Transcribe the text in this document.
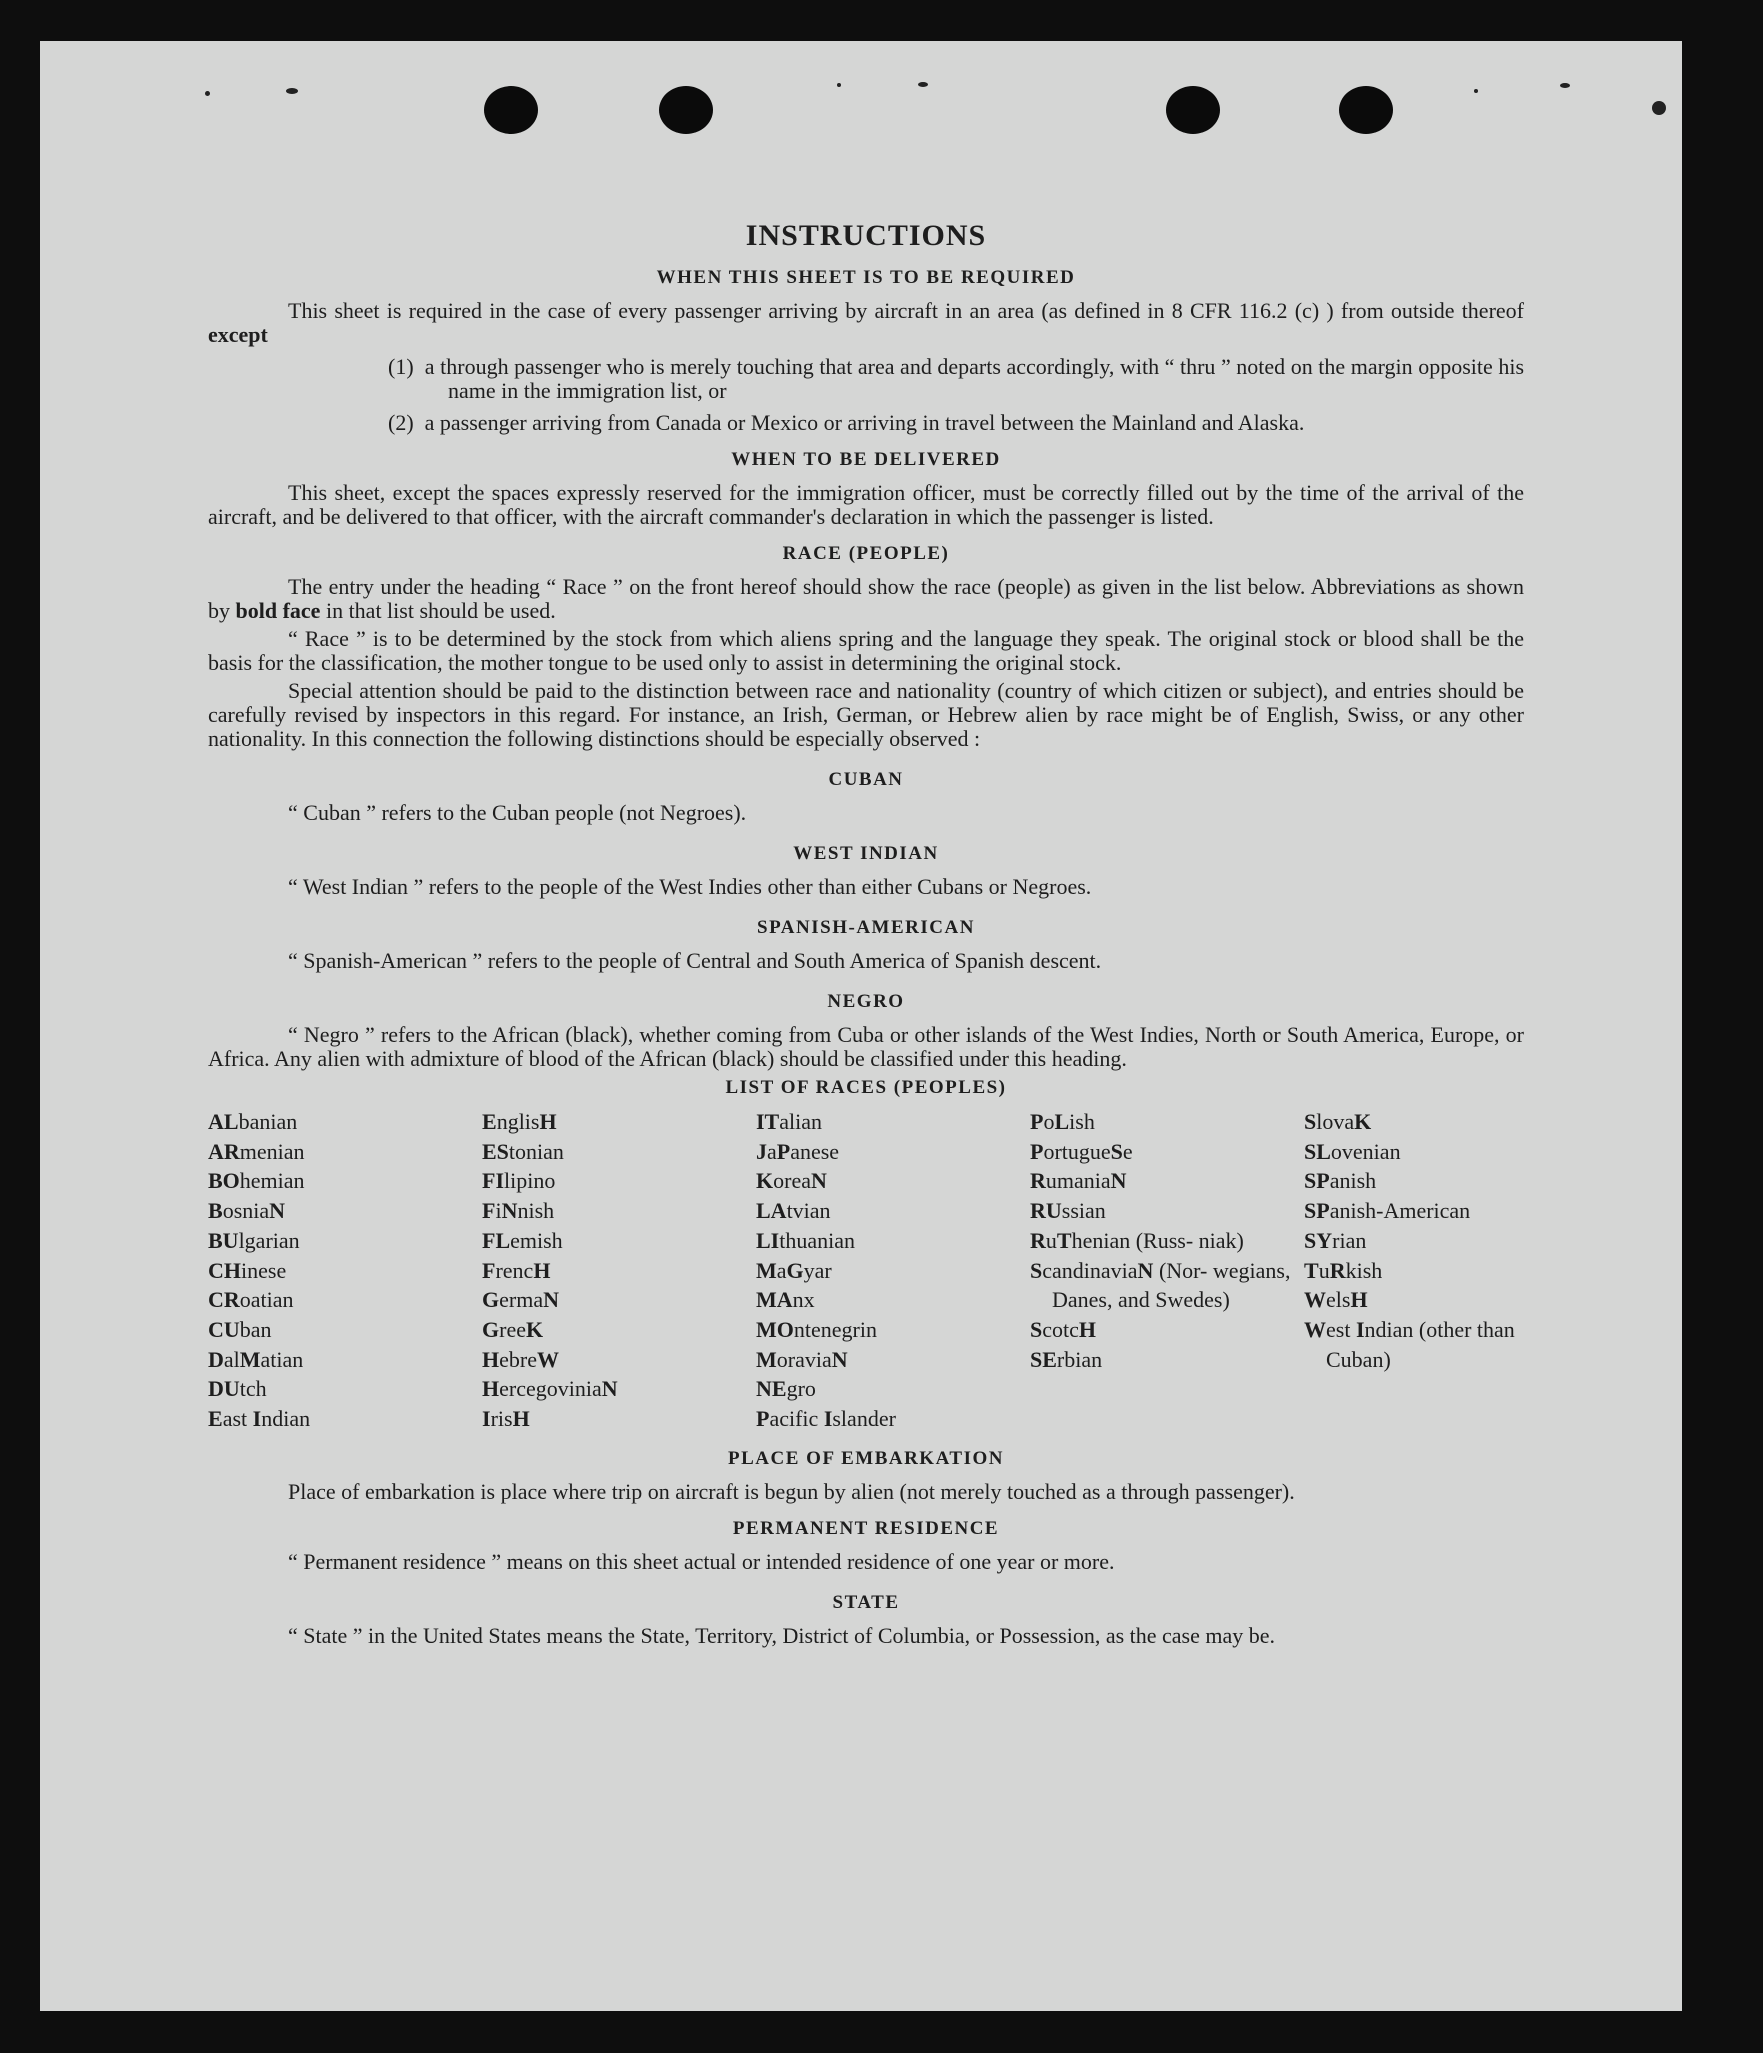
INSTRUCTIONS
WHEN THIS SHEET IS TO BE REQUIRED

This sheet is required in the case of every passenger arriving by aircraft in an area (as defined in 8 CFR 116.2 (c) ) from outside thereof except

(1) a through passenger who is merely touching that area and departs accordingly, with “ thru ” noted on the margin opposite his name in the immigration list, or
(2) a passenger arriving from Canada or Mexico or arriving in travel between the Mainland and Alaska.
WHEN TO BE DELIVERED

This sheet, except the spaces expressly reserved for the immigration officer, must be correctly filled out by the time of the arrival of the aircraft, and be delivered to that officer, with the aircraft commander's declaration in which the passenger is listed.

RACE (PEOPLE)

The entry under the heading “ Race ” on the front hereof should show the race (people) as given in the list below. Abbreviations as shown by bold face in that list should be used.

“ Race ” is to be determined by the stock from which aliens spring and the language they speak. The original stock or blood shall be the basis for the classification, the mother tongue to be used only to assist in determining the original stock.

Special attention should be paid to the distinction between race and nationality (country of which citizen or subject), and entries should be carefully revised by inspectors in this regard. For instance, an Irish, German, or Hebrew alien by race might be of English, Swiss, or any other nationality. In this connection the following distinctions should be especially observed :

CUBAN

“ Cuban ” refers to the Cuban people (not Negroes).

WEST INDIAN

“ West Indian ” refers to the people of the West Indies other than either Cubans or Negroes.

SPANISH-AMERICAN

“ Spanish-American ” refers to the people of Central and South America of Spanish descent.

NEGRO

“ Negro ” refers to the African (black), whether coming from Cuba or other islands of the West Indies, North or South America, Europe, or Africa. Any alien with admixture of blood of the African (black) should be classified under this heading.

LIST OF RACES (PEOPLES)
ALbanian
ARmenian
BOhemian
BosniaN
BUlgarian
CHinese
CRoatian
CUban
DalMatian
DUtch
East Indian
EnglisH
EStonian
FIlipino
FiNnish
FLemish
FrencH
GermaN
GreeK
HebreW
HercegoviniaN
IrisH
ITalian
JaPanese
KoreaN
LAtvian
LIthuanian
MaGyar
MAnx
MOntenegrin
MoraviaN
NEgro
Pacific Islander
PoLish
PortugueSe
RumaniaN
RUssian
RuThenian (Russ- niak)
ScandinaviaN (Nor- wegians, Danes, and Swedes)
ScotcH
SErbian
SlovaK
SLovenian
SPanish
SPanish-American
SYrian
TuRkish
WelsH
West Indian (other than Cuban)
PLACE OF EMBARKATION

Place of embarkation is place where trip on aircraft is begun by alien (not merely touched as a through passenger).

PERMANENT RESIDENCE

“ Permanent residence ” means on this sheet actual or intended residence of one year or more.

STATE

“ State ” in the United States means the State, Territory, District of Columbia, or Possession, as the case may be.
